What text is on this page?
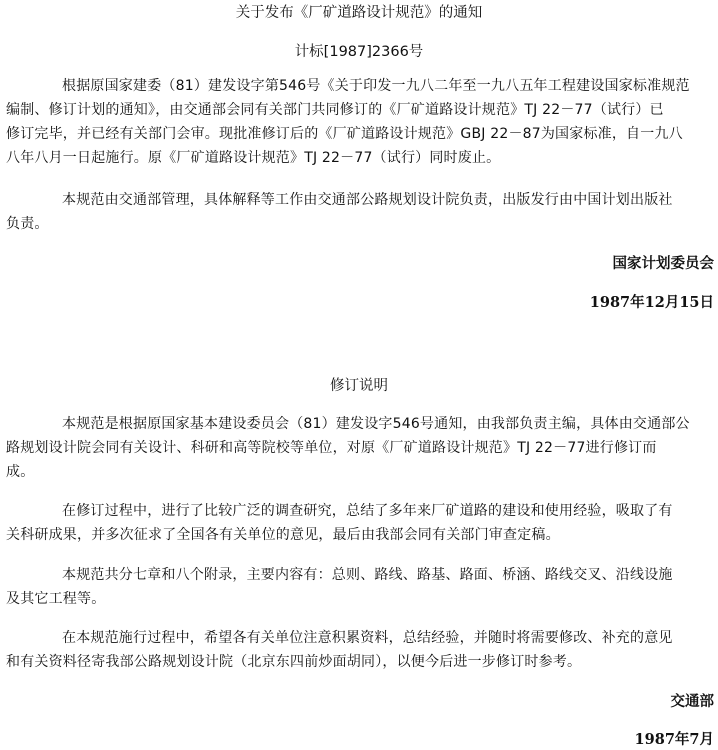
关于发布《厂矿道路设计规范》的通知
计标[1987]2366号
根据原国家建委（81）建发设字第546号《关于印发一九八二年至一九八五年工程建设国家标准规范
编制、修订计划的通知》，由交通部会同有关部门共同修订的《厂矿道路设计规范》TJ 22－77（试行）已
修订完毕，并已经有关部门会审。现批准修订后的《厂矿道路设计规范》GBJ 22－87为国家标准，自一九八
八年八月一日起施行。原《厂矿道路设计规范》TJ 22－77（试行）同时废止。
本规范由交通部管理，具体解释等工作由交通部公路规划设计院负责，出版发行由中国计划出版社
负责。
国家计划委员会
1987年12月15日
修订说明
本规范是根据原国家基本建设委员会（81）建发设字546号通知，由我部负责主编，具体由交通部公
路规划设计院会同有关设计、科研和高等院校等单位，对原《厂矿道路设计规范》TJ 22－77进行修订而
成。
在修订过程中，进行了比较广泛的调查研究，总结了多年来厂矿道路的建设和使用经验，吸取了有
关科研成果，并多次征求了全国各有关单位的意见，最后由我部会同有关部门审查定稿。
本规范共分七章和八个附录，主要内容有：总则、路线、路基、路面、桥涵、路线交叉、沿线设施
及其它工程等。
在本规范施行过程中，希望各有关单位注意积累资料，总结经验，并随时将需要修改、补充的意见
和有关资料径寄我部公路规划设计院（北京东四前炒面胡同），以便今后进一步修订时参考。
交通部
1987年7月
